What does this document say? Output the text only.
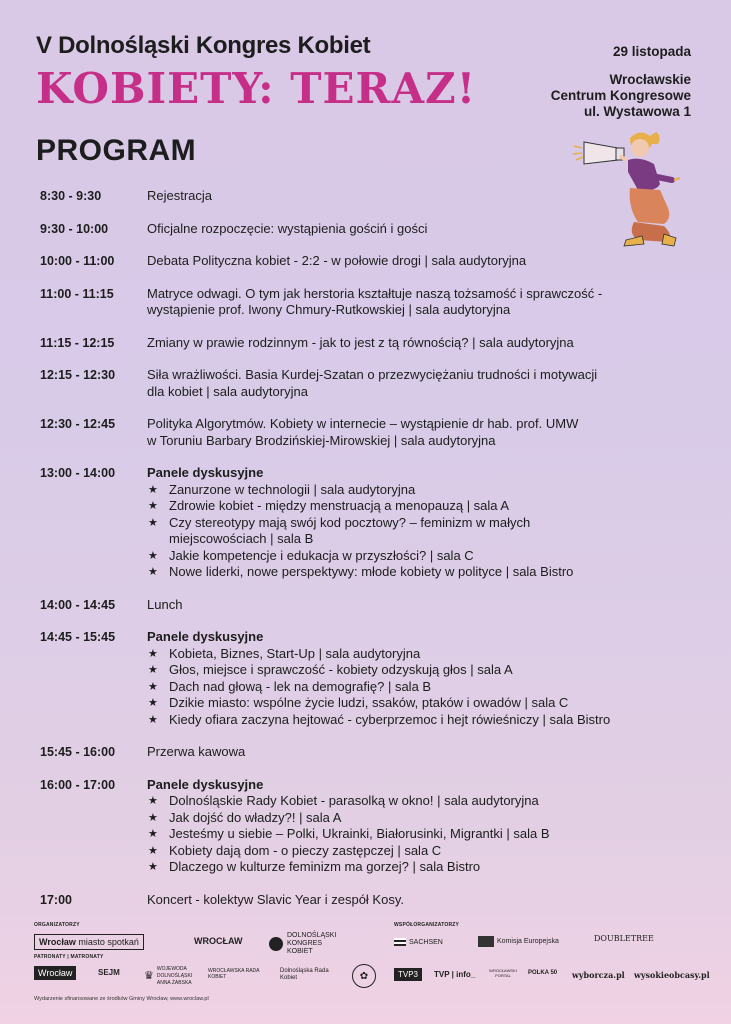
V Dolnośląski Kongres Kobiet
KOBIETY: TERAZ!
PROGRAM
29 listopada
Wrocławskie
Centrum Kongresowe
ul. Wystawowa 1
8:30 - 9:30	Rejestracja
9:30 - 10:00	Oficjalne rozpoczęcie: wystąpienia gościń i gości
10:00 - 11:00	Debata Polityczna kobiet - 2:2 - w połowie drogi | sala audytoryjna
11:00 - 11:15	Matryce odwagi. O tym jak herstoria kształtuje naszą tożsamość i sprawczość -
wystąpienie prof. Iwony Chmury-Rutkowskiej | sala audytoryjna
11:15 - 12:15	Zmiany w prawie rodzinnym - jak to jest z tą równością? | sala audytoryjna
12:15 - 12:30	Siła wrażliwości. Basia Kurdej-Szatan o przezwyciężaniu trudności i motywacji
dla kobiet | sala audytoryjna
12:30 - 12:45	Polityka Algorytmów. Kobiety w internecie – wystąpienie dr hab. prof. UMW
w Toruniu Barbary Brodzińskiej-Mirowskiej | sala audytoryjna
13:00 - 14:00	Panele dyskusyjne
★ Zanurzone w technologii | sala audytoryjna
★ Zdrowie kobiet - między menstruacją a menopauzą | sala A
★ Czy stereotypy mają swój kod pocztowy? – feminizm w małych
miejscowościach | sala B
★ Jakie kompetencje i edukacja w przyszłości? | sala C
★ Nowe liderki, nowe perspektywy: młode kobiety w polityce | sala Bistro
14:00 - 14:45	Lunch
14:45 - 15:45	Panele dyskusyjne
★ Kobieta, Biznes, Start-Up | sala audytoryjna
★ Głos, miejsce i sprawczość - kobiety odzyskują głos | sala A
★ Dach nad głową - lek na demografię? | sala B
★ Dzikie miasto: wspólne życie ludzi, ssaków, ptaków i owadów | sala C
★ Kiedy ofiara zaczyna hejtować - cyberprzemoc i hejt rówieśniczy | sala Bistro
15:45 - 16:00	Przerwa kawowa
16:00 - 17:00	Panele dyskusyjne
★ Dolnośląskie Rady Kobiet - parasolką w okno! | sala audytoryjna
★ Jak dojść do władzy?! | sala A
★ Jesteśmy u siebie – Polki, Ukrainki, Białorusinki, Migrantki | sala B
★ Kobiety dają dom - o pieczy zastępczej | sala C
★ Dlaczego w kulturze feminizm ma gorzej? | sala Bistro
17:00	Koncert - kolektyw Slavic Year i zespół Kosy.
ORGANIZATORZY
PATRONATY | MATRONATY
WSPÓŁORGANIZATORZY
Wrocław
miasto spotkań	WROCŁAW
DOLNOŚLĄSKI KONGRES KOBIET
SACHSEN	Komisja Europejska	DOUBLETREE
Wrocław	SEJM ♛
WOJEWODA DOLNOŚLĄSKI ANNA ŻABSKA
WROCŁAWSKA RADA KOBIET
Dolnośląska Rada Kobiet	✿	TVP3	TVP | info_	WROCŁAWSKI PORTAL	POLKA 50 wyborcza.pl wysokieobcasy.pl
Wydarzenie sfinansowane ze środków Gminy Wrocław, www.wroclaw.pl
